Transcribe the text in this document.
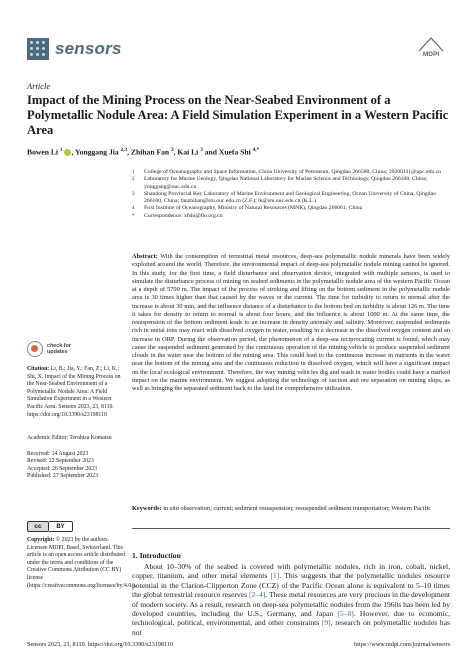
sensors	MDPI
Article
Impact of the Mining Process on the Near-Seabed Environment of a Polymetallic Nodule Area: A Field Simulation Experiment in a Western Pacific Area
Bowen Li $^1$ , Yonggang Jia $^{2,3}$, Zhihan Fan $^3$, Kai Li $^3$ and Xuefa Shi $^{4,*}$
1 College of Oceanography and Space Information, China University of Petroleum, Qingdao 266580, China; 20200111@upc.edu.cn
2 Laboratory for Marine Geology, Qingdao National Laboratory for Marine Science and Technology, Qingdao 266100, China; yonggang@ouc.edu.cn
3 Shandong Provincial Key Laboratory of Marine Environment and Geological Engineering, Ocean University of China, Qingdao 266100, China; fanzhihan@stu.ouc.edu.cn (Z.F.); lk@stu.ouc.edu.cn (K.L.)
4 First Institute of Oceanography, Ministry of Natural Resources (MNR), Qingdao 266061, China
* Correspondence: xfshi@fio.org.cn
Abstract: With the consumption of terrestrial metal resources, deep-sea polymetallic nodule minerals have been widely exploited around the world. Therefore, the environmental impact of deep-sea polymetallic nodule mining cannot be ignored. In this study, for the first time, a field disturbance and observation device, integrated with multiple sensors, is used to simulate the disturbance process of mining on seabed sediments in the polymetallic nodule area of the western Pacific Ocean at a depth of 5700 m. The impact of the process of stroking and lifting on the bottom sediment in the polymetallic nodule area is 30 times higher than that caused by the waves or the current. The time for turbidity to return to normal after the increase is about 30 min, and the influence distance of a disturbance to the bottom bed on turbidity is about 126 m. The time it takes for density to return to normal is about four hours, and the influence is about 1000 m. At the same time, the resuspension of the bottom sediment leads to an increase in density anomaly and salinity. Moreover, suspended sediments rich in metal ions may react with dissolved oxygen in water, resulting in a decrease in the dissolved oxygen content and an increase in ORP. During the observation period, the phenomenon of a deep-sea reciprocating current is found, which may cause the suspended sediment generated by the continuous operation of the mining vehicle to produce suspended sediment clouds in the water near the bottom of the mining area. This could lead to the continuous increase in nutrients in the water near the bottom of the mining area and the continuous reduction in dissolved oxygen, which will have a significant impact on the local ecological environment. Therefore, the way mining vehicles dig and wash in water bodies could have a marked impact on the marine environment. We suggest adopting the technology of suction and ore separation on mining ships, as well as bringing the separated sediment back to the land for comprehensive utilization.
Keywords: in situ observation; current; sediment resuspension; resuspended sediment transportation; Western Pacific
1. Introduction
About 10–30% of the seabed is covered with polymetallic nodules, rich in iron, cobalt, nickel, copper, titanium, and other metal elements [1]. This suggests that the polymetallic nodules resource potential in the Clarion-Clipperton Zone (CCZ) of the Pacific Ocean alone is equivalent to 5–10 times the global terrestrial resource reserves [2–4]. These metal resources are very precious in the development of modern society. As a result, research on deep-sea polymetallic nodules from the 1960s has been led by developed countries, including the U.S., Germany, and Japan [5–8]. However, due to economic, technological, political, environmental, and other constraints [9], research on polymetallic nodules has not
check for
updates
Citation: Li, B.; Jia, Y.; Fan, Z.; Li, K.; Shi, X. Impact of the Mining Process on the Near-Seabed Environment of a Polymetallic Nodule Area: A Field Simulation Experiment in a Western Pacific Area. Sensors 2023, 23, 8110. https://doi.org/10.3390/s23198110
Academic Editor: Teruhisa Komatsu
Received: 14 August 2023
Revised: 22 September 2023
Accepted: 26 September 2023
Published: 27 September 2023
cc	BY
Copyright: © 2023 by the authors. Licensee MDPI, Basel, Switzerland. This article is an open access article distributed under the terms and conditions of the Creative Commons Attribution (CC BY) license (https://creativecommons.org/licenses/by/4.0/).
Sensors 2023, 23, 8110. https://doi.org/10.3390/s23198110	https://www.mdpi.com/journal/sensors
